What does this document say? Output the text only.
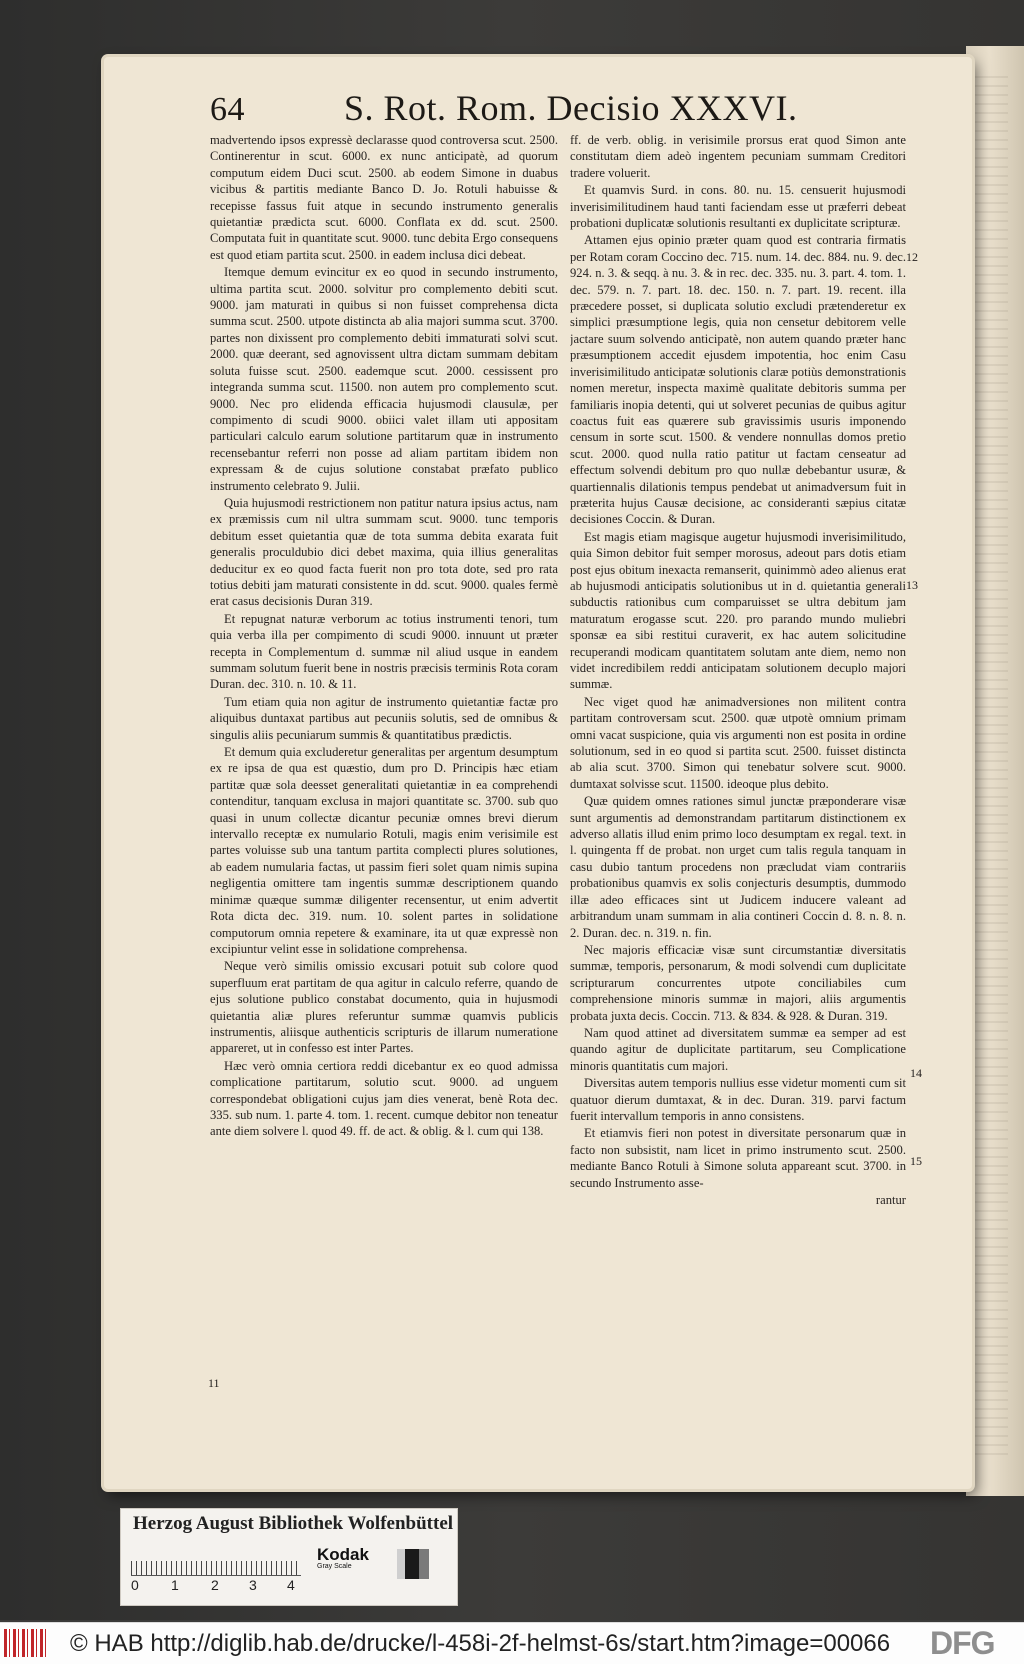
64	S. Rot. Rom. Decisio XXXVI.

madvertendo ipsos expressè declarasse quod controversa scut. 2500. Continerentur in scut. 6000. ex nunc anticipatè, ad quorum computum eidem Duci scut. 2500. ab eodem Simone in duabus vicibus & partitis mediante Banco D. Jo. Rotuli habuisse & recepisse fassus fuit atque in secundo instrumento generalis quietantiæ prædicta scut. 6000. Conflata ex dd. scut. 2500. Computata fuit in quantitate scut. 9000. tunc debita Ergo consequens est quod etiam partita scut. 2500. in eadem inclusa dici debeat.

Itemque demum evincitur ex eo quod in secundo instrumento, ultima partita scut. 2000. solvitur pro complemento debiti scut. 9000. jam maturati in quibus si non fuisset comprehensa dicta summa scut. 2500. utpote distincta ab alia majori summa scut. 3700. partes non dixissent pro complemento debiti immaturati solvi scut. 2000. quæ deerant, sed agnovissent ultra dictam summam debitam soluta fuisse scut. 2500. eademque scut. 2000. cessissent pro integranda summa scut. 11500. non autem pro complemento scut. 9000. Nec pro elidenda efficacia hujusmodi clausulæ, per compimento di scudi 9000. obiici valet illam uti appositam particulari calculo earum solutione partitarum quæ in instrumento recensebantur referri non posse ad aliam partitam ibidem non expressam & de cujus solutione constabat præfato publico instrumento celebrato 9. Julii.

Quia hujusmodi restrictionem non patitur natura ipsius actus, nam ex præmissis cum nil ultra summam scut. 9000. tunc temporis debitum esset quietantia quæ de tota summa debita exarata fuit generalis proculdubio dici debet maxima, quia illius generalitas deducitur ex eo quod facta fuerit non pro tota dote, sed pro rata totius debiti jam maturati consistente in dd. scut. 9000. quales fermè erat casus decisionis Duran 319.

Et repugnat naturæ verborum ac totius instrumenti tenori, tum quia verba illa per compimento di scudi 9000. innuunt ut præter recepta in Complementum d. summæ nil aliud usque in eandem summam solutum fuerit bene in nostris præcisis terminis Rota coram Duran. dec. 310. n. 10. & 11.

Tum etiam quia non agitur de instrumento quietantiæ factæ pro aliquibus duntaxat partibus aut pecuniis solutis, sed de omnibus & singulis aliis pecuniarum summis & quantitatibus prædictis.

Et demum quia excluderetur generalitas per argentum desumptum ex re ipsa de qua est quæstio, dum pro D. Principis hæc etiam partitæ quæ sola deesset generalitati quietantiæ in ea comprehendi contenditur, tanquam exclusa in majori quantitate sc. 3700. sub quo quasi in unum collectæ dicantur pecuniæ omnes brevi dierum intervallo receptæ ex numulario Rotuli, magis enim verisimile est partes voluisse sub una tantum partita complecti plures solutiones, ab eadem numularia factas, ut passim fieri solet quam nimis supina negligentia omittere tam ingentis summæ descriptionem quando minimæ quæque summæ diligenter recensentur, ut enim advertit Rota dicta dec. 319. num. 10. solent partes in solidatione computorum omnia repetere & examinare, ita ut quæ expressè non excipiuntur velint esse in solidatione comprehensa.

Neque verò similis omissio excusari potuit sub colore quod superfluum erat partitam de qua agitur in calculo referre, quando de ejus solutione publico constabat documento, quia in hujusmodi quietantia aliæ plures referuntur summæ quamvis publicis instrumentis, aliisque authenticis scripturis de illarum numeratione appareret, ut in confesso est inter Partes.

Hæc verò omnia certiora reddi dicebantur ex eo quod admissa complicatione partitarum, solutio scut. 9000. ad unguem correspondebat obligationi cujus jam dies venerat, benè Rota dec. 335. sub num. 1. parte 4. tom. 1. recent. cumque debitor non teneatur ante diem solvere l. quod 49. ff. de act. & oblig. & l. cum qui 138.

ff. de verb. oblig. in verisimile prorsus erat quod Simon ante constitutam diem adeò ingentem pecuniam summam Creditori tradere voluerit.

Et quamvis Surd. in cons. 80. nu. 15. censuerit hujusmodi inverisimilitudinem haud tanti faciendam esse ut præferri debeat probationi duplicatæ solutionis resultanti ex duplicitate scripturæ.

Attamen ejus opinio præter quam quod est contraria firmatis per Rotam coram Coccino dec. 715. num. 14. dec. 884. nu. 9. dec. 924. n. 3. & seqq. à nu. 3. & in rec. dec. 335. nu. 3. part. 4. tom. 1. dec. 579. n. 7. part. 18. dec. 150. n. 7. part. 19. recent. illa præcedere posset, si duplicata solutio excludi prætenderetur ex simplici præsumptione legis, quia non censetur debitorem velle jactare suum solvendo anticipatè, non autem quando præter hanc præsumptionem accedit ejusdem impotentia, hoc enim Casu inverisimilitudo anticipatæ solutionis claræ potiùs demonstrationis nomen meretur, inspecta maximè qualitate debitoris summa per familiaris inopia detenti, qui ut solveret pecunias de quibus agitur coactus fuit eas quærere sub gravissimis usuris imponendo censum in sorte scut. 1500. & vendere nonnullas domos pretio scut. 2000. quod nulla ratio patitur ut factam censeatur ad effectum solvendi debitum pro quo nullæ debebantur usuræ, & quartiennalis dilationis tempus pendebat ut animadversum fuit in præterita hujus Causæ decisione, ac consideranti sæpius citatæ decisiones Coccin. & Duran.

Est magis etiam magisque augetur hujusmodi inverisimilitudo, quia Simon debitor fuit semper morosus, adeout pars dotis etiam post ejus obitum inexacta remanserit, quinimmò adeo alienus erat ab hujusmodi anticipatis solutionibus ut in d. quietantia generali subductis rationibus cum comparuisset se ultra debitum jam maturatum erogasse scut. 220. pro parando mundo muliebri sponsæ ea sibi restitui curaverit, ex hac autem solicitudine recuperandi modicam quantitatem solutam ante diem, nemo non videt incredibilem reddi anticipatam solutionem decuplo majori summæ.

Nec viget quod hæ animadversiones non militent contra partitam controversam scut. 2500. quæ utpotè omnium primam omni vacat suspicione, quia vis argumenti non est posita in ordine solutionum, sed in eo quod si partita scut. 2500. fuisset distincta ab alia scut. 3700. Simon qui tenebatur solvere scut. 9000. dumtaxat solvisse scut. 11500. ideoque plus debito.

Quæ quidem omnes rationes simul junctæ præponderare visæ sunt argumentis ad demonstrandam partitarum distinctionem ex adverso allatis illud enim primo loco desumptam ex regal. text. in l. quingenta ff de probat. non urget cum talis regula tanquam in casu dubio tantum procedens non præcludat viam contrariis probationibus quamvis ex solis conjecturis desumptis, dummodo illæ adeo efficaces sint ut Judicem inducere valeant ad arbitrandum unam summam in alia contineri Coccin d. 8. n. 8. n. 2. Duran. dec. n. 319. n. fin.

Nec majoris efficaciæ visæ sunt circumstantiæ diversitatis summæ, temporis, personarum, & modi solvendi cum duplicitate scripturarum concurrentes utpote conciliabiles cum comprehensione minoris summæ in majori, aliis argumentis probata juxta decis. Coccin. 713. & 834. & 928. & Duran. 319.

Nam quod attinet ad diversitatem summæ ea semper ad est quando agitur de duplicitate partitarum, seu Complicatione minoris quantitatis cum majori.

Diversitas autem temporis nullius esse videtur momenti cum sit quatuor dierum dumtaxat, & in dec. Duran. 319. parvi factum fuerit intervallum temporis in anno consistens.

Et etiamvis fieri non potest in diversitate personarum quæ in facto non subsistit, nam licet in primo instrumento scut. 2500. mediante Banco Rotuli à Simone soluta appareant scut. 3700. in secundo Instrumento asse-

rantur

12
13
14
15
11
Herzog August Bibliothek Wolfenbüttel
0 1 2 3 4
Kodak
Gray Scale
© HAB http://diglib.hab.de/drucke/l-458i-2f-helmst-6s/start.htm?image=00066 DFG
